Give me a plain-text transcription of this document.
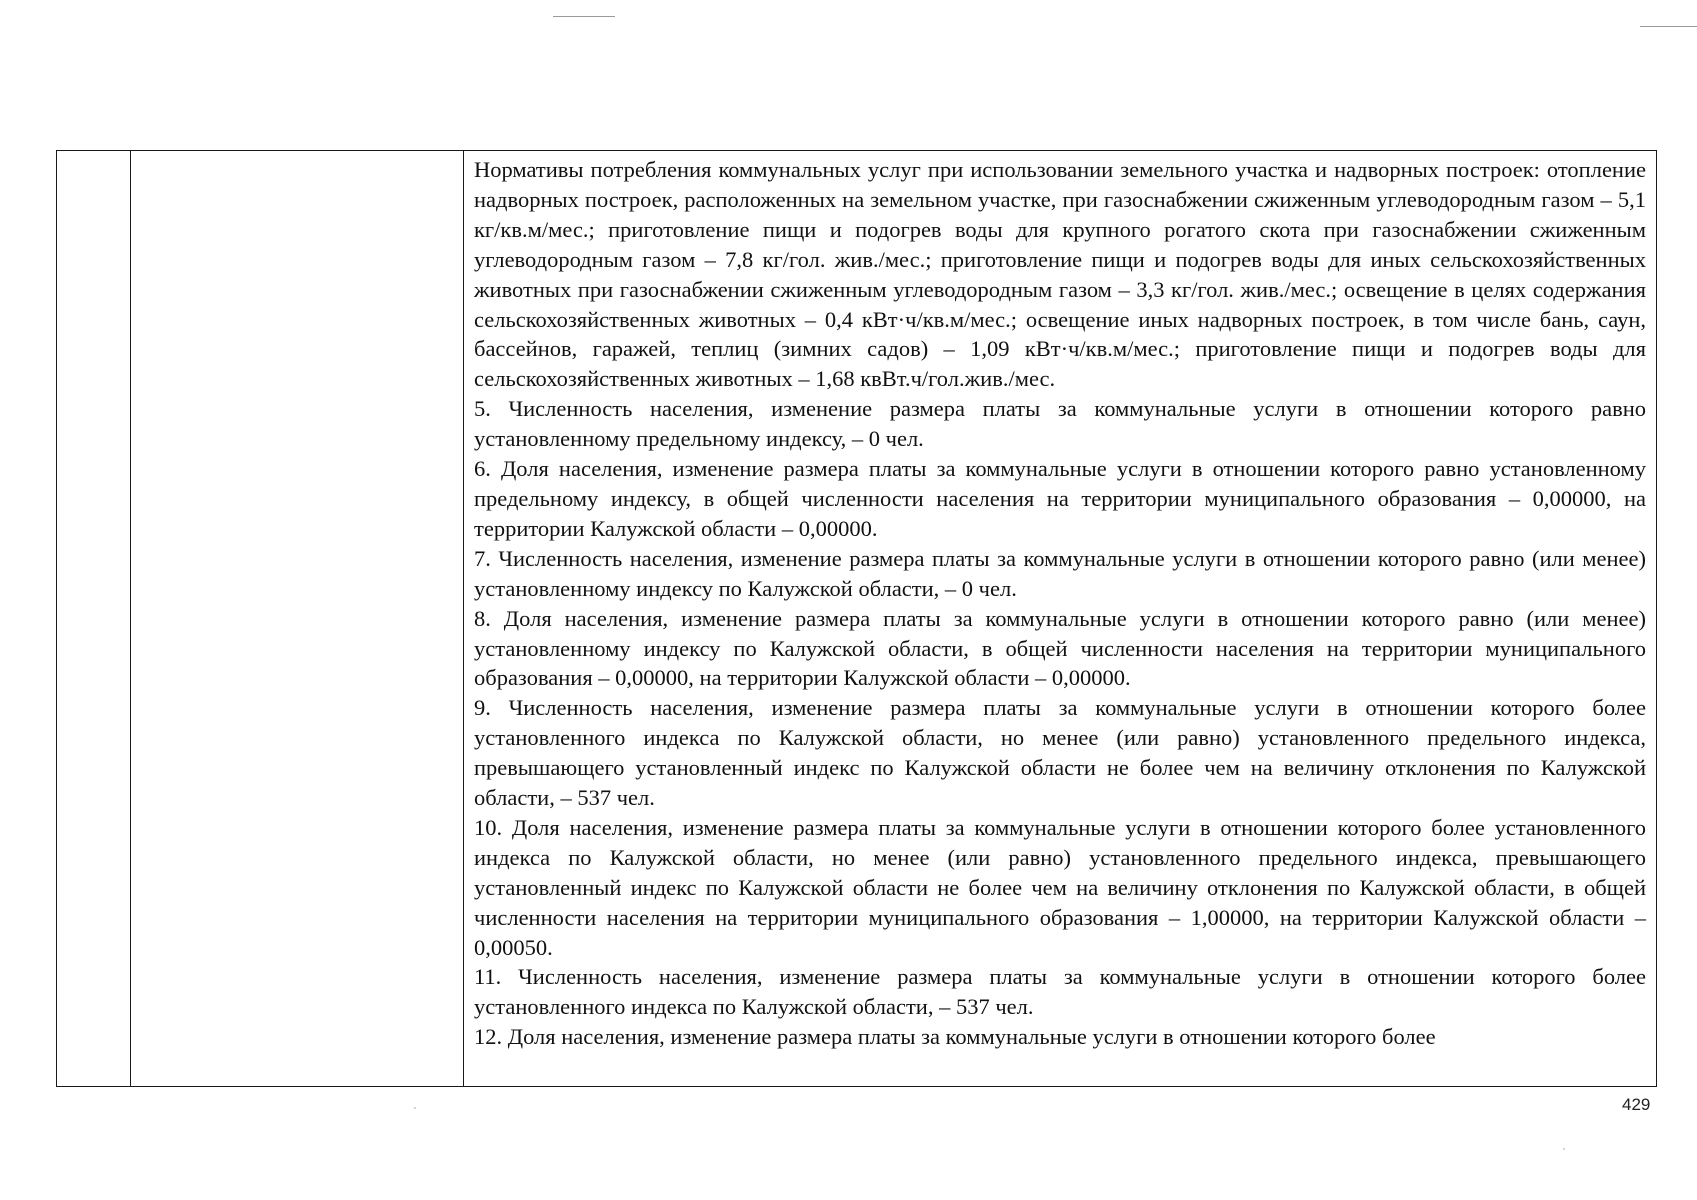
Нормативы потребления коммунальных услуг при использовании земельного участка и надворных построек: отопление надворных построек, расположенных на земельном участке, при газоснабжении сжиженным углеводородным газом – 5,1 кг/кв.м/мес.; приготовление пищи и подогрев воды для крупного рогатого скота при газоснабжении сжиженным углеводородным газом – 7,8 кг/гол. жив./мес.; приготовление пищи и подогрев воды для иных сельскохозяйственных животных при газоснабжении сжиженным углеводородным газом – 3,3 кг/гол. жив./мес.; освещение в целях содержания сельскохозяйственных животных – 0,4 кВт·ч/кв.м/мес.; освещение иных надворных построек, в том числе бань, саун, бассейнов, гаражей, теплиц (зимних садов) – 1,09 кВт·ч/кв.м/мес.; приготовление пищи и подогрев воды для сельскохозяйственных животных – 1,68 квВт.ч/гол.жив./мес.

5. Численность населения, изменение размера платы за коммунальные услуги в отношении которого равно установленному предельному индексу, – 0 чел.

6. Доля населения, изменение размера платы за коммунальные услуги в отношении которого равно установленному предельному индексу, в общей численности населения на территории муниципального образования – 0,00000, на территории Калужской области – 0,00000.

7. Численность населения, изменение размера платы за коммунальные услуги в отношении которого равно (или менее) установленному индексу по Калужской области, – 0 чел.

8. Доля населения, изменение размера платы за коммунальные услуги в отношении которого равно (или менее) установленному индексу по Калужской области, в общей численности населения на территории муниципального образования – 0,00000, на территории Калужской области – 0,00000.

9. Численность населения, изменение размера платы за коммунальные услуги в отношении которого более установленного индекса по Калужской области, но менее (или равно) установленного предельного индекса, превышающего установленный индекс по Калужской области не более чем на величину отклонения по Калужской области, – 537 чел.

10. Доля населения, изменение размера платы за коммунальные услуги в отношении которого более установленного индекса по Калужской области, но менее (или равно) установленного предельного индекса, превышающего установленный индекс по Калужской области не более чем на величину отклонения по Калужской области, в общей численности населения на территории муниципального образования – 1,00000, на территории Калужской области – 0,00050.

11. Численность населения, изменение размера платы за коммунальные услуги в отношении которого более установленного индекса по Калужской области, – 537 чел.

12. Доля населения, изменение размера платы за коммунальные услуги в отношении которого более

429
